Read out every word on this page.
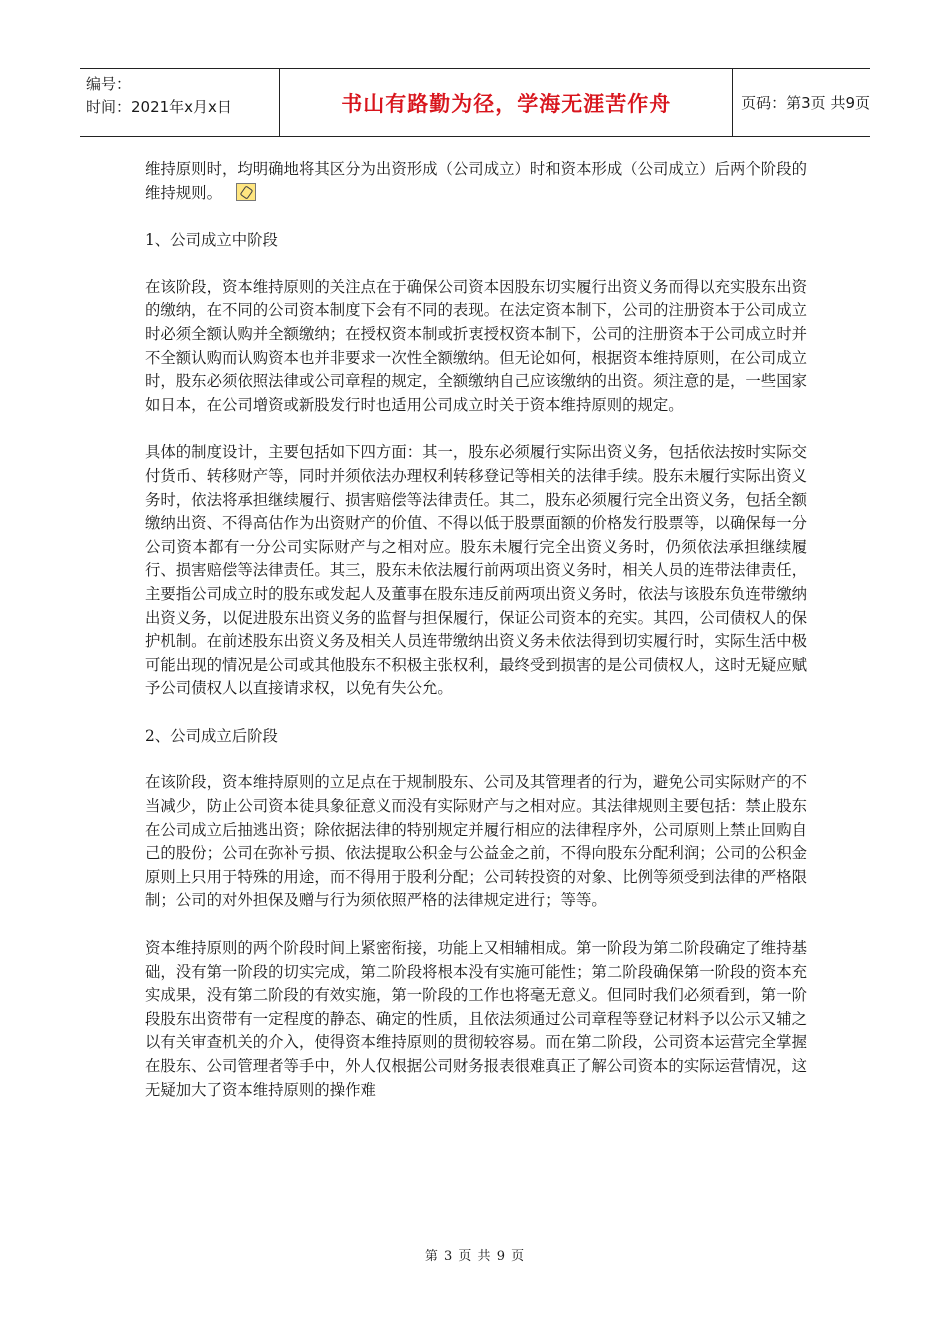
编号：
时间：2021年x月x日	书山有路勤为径，学海无涯苦作舟	页码：第3页 共9页

维持原则时，均明确地将其区分为出资形成（公司成立）时和资本形成（公司成立）后两个阶段的维持规则。

1、公司成立中阶段

在该阶段，资本维持原则的关注点在于确保公司资本因股东切实履行出资义务而得以充实股东出资的缴纳，在不同的公司资本制度下会有不同的表现。在法定资本制下，公司的注册资本于公司成立时必须全额认购并全额缴纳；在授权资本制或折衷授权资本制下，公司的注册资本于公司成立时并不全额认购而认购资本也并非要求一次性全额缴纳。但无论如何，根据资本维持原则，在公司成立时，股东必须依照法律或公司章程的规定，全额缴纳自己应该缴纳的出资。须注意的是，一些国家如日本，在公司增资或新股发行时也适用公司成立时关于资本维持原则的规定。

具体的制度设计，主要包括如下四方面：其一，股东必须履行实际出资义务，包括依法按时实际交付货币、转移财产等，同时并须依法办理权利转移登记等相关的法律手续。股东未履行实际出资义务时，依法将承担继续履行、损害赔偿等法律责任。其二，股东必须履行完全出资义务，包括全额缴纳出资、不得高估作为出资财产的价值、不得以低于股票面额的价格发行股票等，以确保每一分公司资本都有一分公司实际财产与之相对应。股东未履行完全出资义务时，仍须依法承担继续履行、损害赔偿等法律责任。其三，股东未依法履行前两项出资义务时，相关人员的连带法律责任，主要指公司成立时的股东或发起人及董事在股东违反前两项出资义务时，依法与该股东负连带缴纳出资义务，以促进股东出资义务的监督与担保履行，保证公司资本的充实。其四，公司债权人的保护机制。在前述股东出资义务及相关人员连带缴纳出资义务未依法得到切实履行时，实际生活中极可能出现的情况是公司或其他股东不积极主张权利，最终受到损害的是公司债权人，这时无疑应赋予公司债权人以直接请求权，以免有失公允。

2、公司成立后阶段

在该阶段，资本维持原则的立足点在于规制股东、公司及其管理者的行为，避免公司实际财产的不当减少，防止公司资本徒具象征意义而没有实际财产与之相对应。其法律规则主要包括：禁止股东在公司成立后抽逃出资；除依据法律的特别规定并履行相应的法律程序外，公司原则上禁止回购自己的股份；公司在弥补亏损、依法提取公积金与公益金之前，不得向股东分配利润；公司的公积金原则上只用于特殊的用途，而不得用于股利分配；公司转投资的对象、比例等须受到法律的严格限制；公司的对外担保及赠与行为须依照严格的法律规定进行；等等。

资本维持原则的两个阶段时间上紧密衔接，功能上又相辅相成。第一阶段为第二阶段确定了维持基础，没有第一阶段的切实完成，第二阶段将根本没有实施可能性；第二阶段确保第一阶段的资本充实成果，没有第二阶段的有效实施，第一阶段的工作也将毫无意义。但同时我们必须看到，第一阶段股东出资带有一定程度的静态、确定的性质，且依法须通过公司章程等登记材料予以公示又辅之以有关审查机关的介入，使得资本维持原则的贯彻较容易。而在第二阶段，公司资本运营完全掌握在股东、公司管理者等手中，外人仅根据公司财务报表很难真正了解公司资本的实际运营情况，这无疑加大了资本维持原则的操作难

第 3 页 共 9 页
